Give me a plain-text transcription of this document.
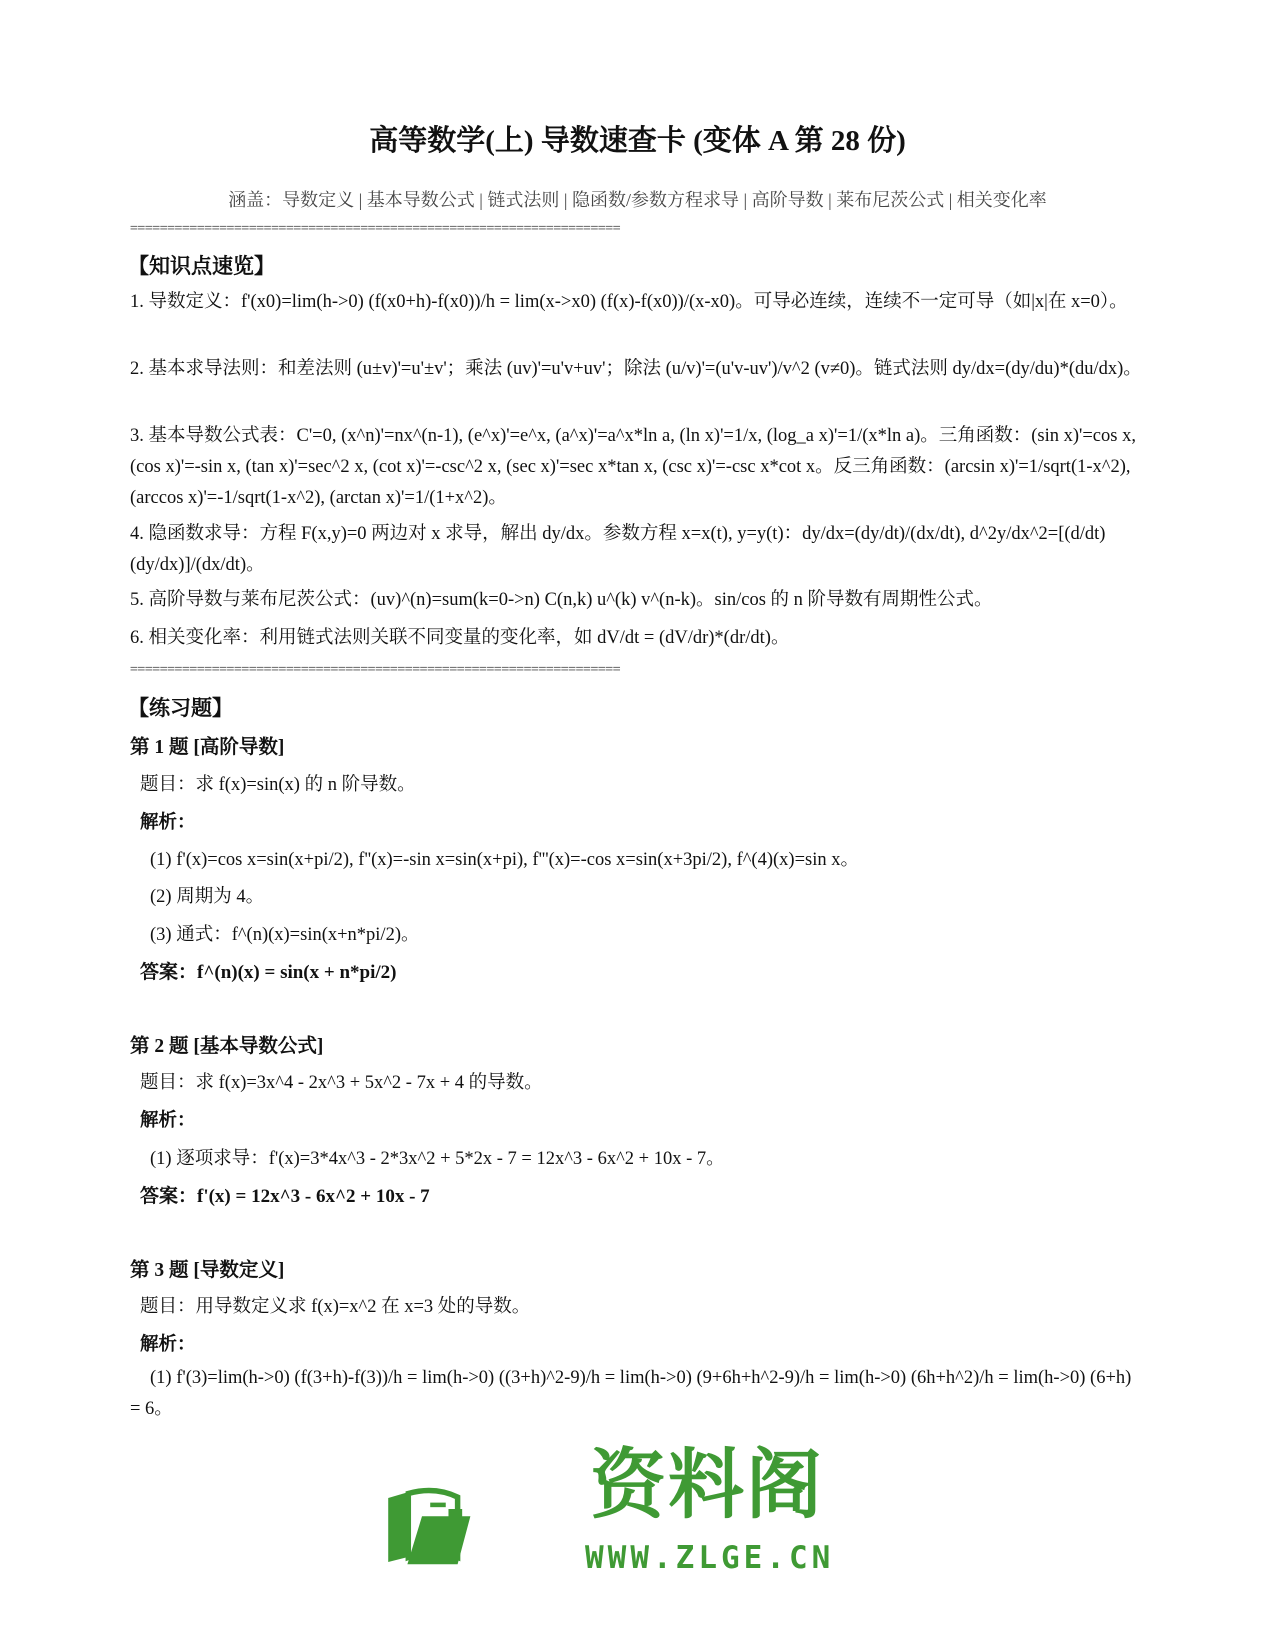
高等数学(上) 导数速查卡 (变体 A 第 28 份)

涵盖：导数定义 | 基本导数公式 | 链式法则 | 隐函数/参数方程求导 | 高阶导数 | 莱布尼茨公式 | 相关变化率

==================================================================
【知识点速览】

1. 导数定义：f'(x0)=lim(h->0) (f(x0+h)-f(x0))/h = lim(x->x0) (f(x)-f(x0))/(x-x0)。可导必连续，连续不一定可导（如|x|在 x=0）。

2. 基本求导法则：和差法则 (u±v)'=u'±v'；乘法 (uv)'=u'v+uv'；除法 (u/v)'=(u'v-uv')/v^2 (v≠0)。链式法则 dy/dx=(dy/du)*(du/dx)。

3. 基本导数公式表：C'=0, (x^n)'=nx^(n-1), (e^x)'=e^x, (a^x)'=a^x*ln a, (ln x)'=1/x, (log_a x)'=1/(x*ln a)。三角函数：(sin x)'=cos x, (cos x)'=-sin x, (tan x)'=sec^2 x, (cot x)'=-csc^2 x, (sec x)'=sec x*tan x, (csc x)'=-csc x*cot x。反三角函数：(arcsin x)'=1/sqrt(1-x^2), (arccos x)'=-1/sqrt(1-x^2), (arctan x)'=1/(1+x^2)。

4. 隐函数求导：方程 F(x,y)=0 两边对 x 求导，解出 dy/dx。参数方程 x=x(t), y=y(t)：dy/dx=(dy/dt)/(dx/dt), d^2y/dx^2=[(d/dt)(dy/dx)]/(dx/dt)。

5. 高阶导数与莱布尼茨公式：(uv)^(n)=sum(k=0->n) C(n,k) u^(k) v^(n-k)。sin/cos 的 n 阶导数有周期性公式。

6. 相关变化率：利用链式法则关联不同变量的变化率，如 dV/dt = (dV/dr)*(dr/dt)。

==================================================================
【练习题】
第 1 题 [高阶导数]

题目：求 f(x)=sin(x) 的 n 阶导数。

解析：

(1) f'(x)=cos x=sin(x+pi/2), f''(x)=-sin x=sin(x+pi), f'''(x)=-cos x=sin(x+3pi/2), f^(4)(x)=sin x。

(2) 周期为 4。

(3) 通式：f^(n)(x)=sin(x+n*pi/2)。

答案：f^(n)(x) = sin(x + n*pi/2)

第 2 题 [基本导数公式]

题目：求 f(x)=3x^4 - 2x^3 + 5x^2 - 7x + 4 的导数。

解析：

(1) 逐项求导：f'(x)=3*4x^3 - 2*3x^2 + 5*2x - 7 = 12x^3 - 6x^2 + 10x - 7。

答案：f'(x) = 12x^3 - 6x^2 + 10x - 7

第 3 题 [导数定义]

题目：用导数定义求 f(x)=x^2 在 x=3 处的导数。

解析：

(1) f'(3)=lim(h->0) (f(3+h)-f(3))/h = lim(h->0) ((3+h)^2-9)/h = lim(h->0) (9+6h+h^2-9)/h = lim(h->0) (6h+h^2)/h = lim(h->0) (6+h) = 6。

资料阁
WWW.ZLGE.CN
